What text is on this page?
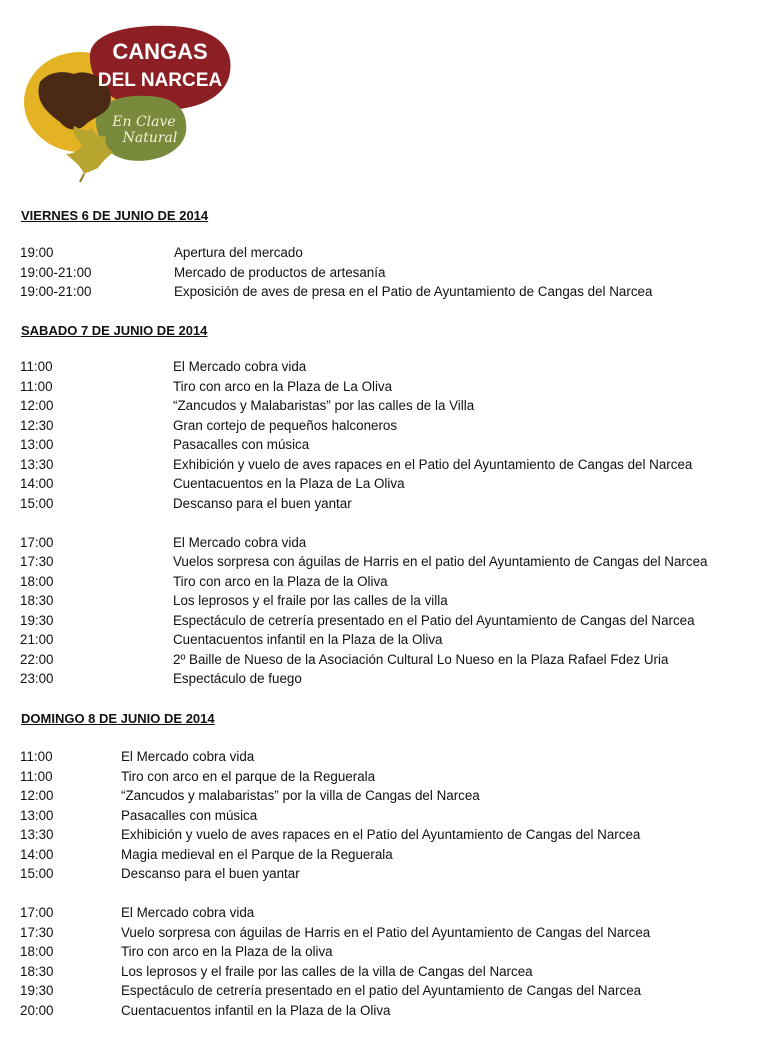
CANGAS
DEL NARCEA
En Clave
Natural
VIERNES 6 DE JUNIO DE 2014
19:00	Apertura del mercado
19:00-21:00	Mercado de productos de artesanía
19:00-21:00	Exposición de aves de presa en el Patio de Ayuntamiento de Cangas del Narcea
SABADO 7 DE JUNIO DE 2014
11:00	El Mercado cobra vida
11:00	Tiro con arco en la Plaza de La Oliva
12:00	“Zancudos y Malabaristas” por las calles de la Villa
12:30	Gran cortejo de pequeños halconeros
13:00	Pasacalles con música
13:30	Exhibición y vuelo de aves rapaces en el Patio del Ayuntamiento de Cangas del Narcea
14:00	Cuentacuentos en la Plaza de La Oliva
15:00	Descanso para el buen yantar
17:00	El Mercado cobra vida
17:30	Vuelos sorpresa con águilas de Harris en el patio del Ayuntamiento de Cangas del Narcea
18:00	Tiro con arco en la Plaza de la Oliva
18:30	Los leprosos y el fraile por las calles de la villa
19:30	Espectáculo de cetrería presentado en el Patio del Ayuntamiento de Cangas del Narcea
21:00	Cuentacuentos infantil en la Plaza de la Oliva
22:00	2º Baille de Nueso de la Asociación Cultural Lo Nueso en la Plaza Rafael Fdez Uria
23:00	Espectáculo de fuego
DOMINGO 8 DE JUNIO DE 2014
11:00	El Mercado cobra vida
11:00	Tiro con arco en el parque de la Reguerala
12:00	“Zancudos y malabaristas” por la villa de Cangas del Narcea
13:00	Pasacalles con música
13:30	Exhibición y vuelo de aves rapaces en el Patio del Ayuntamiento de Cangas del Narcea
14:00	Magia medieval en el Parque de la Reguerala
15:00	Descanso para el buen yantar
17:00	El Mercado cobra vida
17:30	Vuelo sorpresa con águilas de Harris en el Patio del Ayuntamiento de Cangas del Narcea
18:00	Tiro con arco en la Plaza de la oliva
18:30	Los leprosos y el fraile por las calles de la villa de Cangas del Narcea
19:30	Espectáculo de cetrería presentado en el patio del Ayuntamiento de Cangas del Narcea
20:00	Cuentacuentos infantil en la Plaza de la Oliva
